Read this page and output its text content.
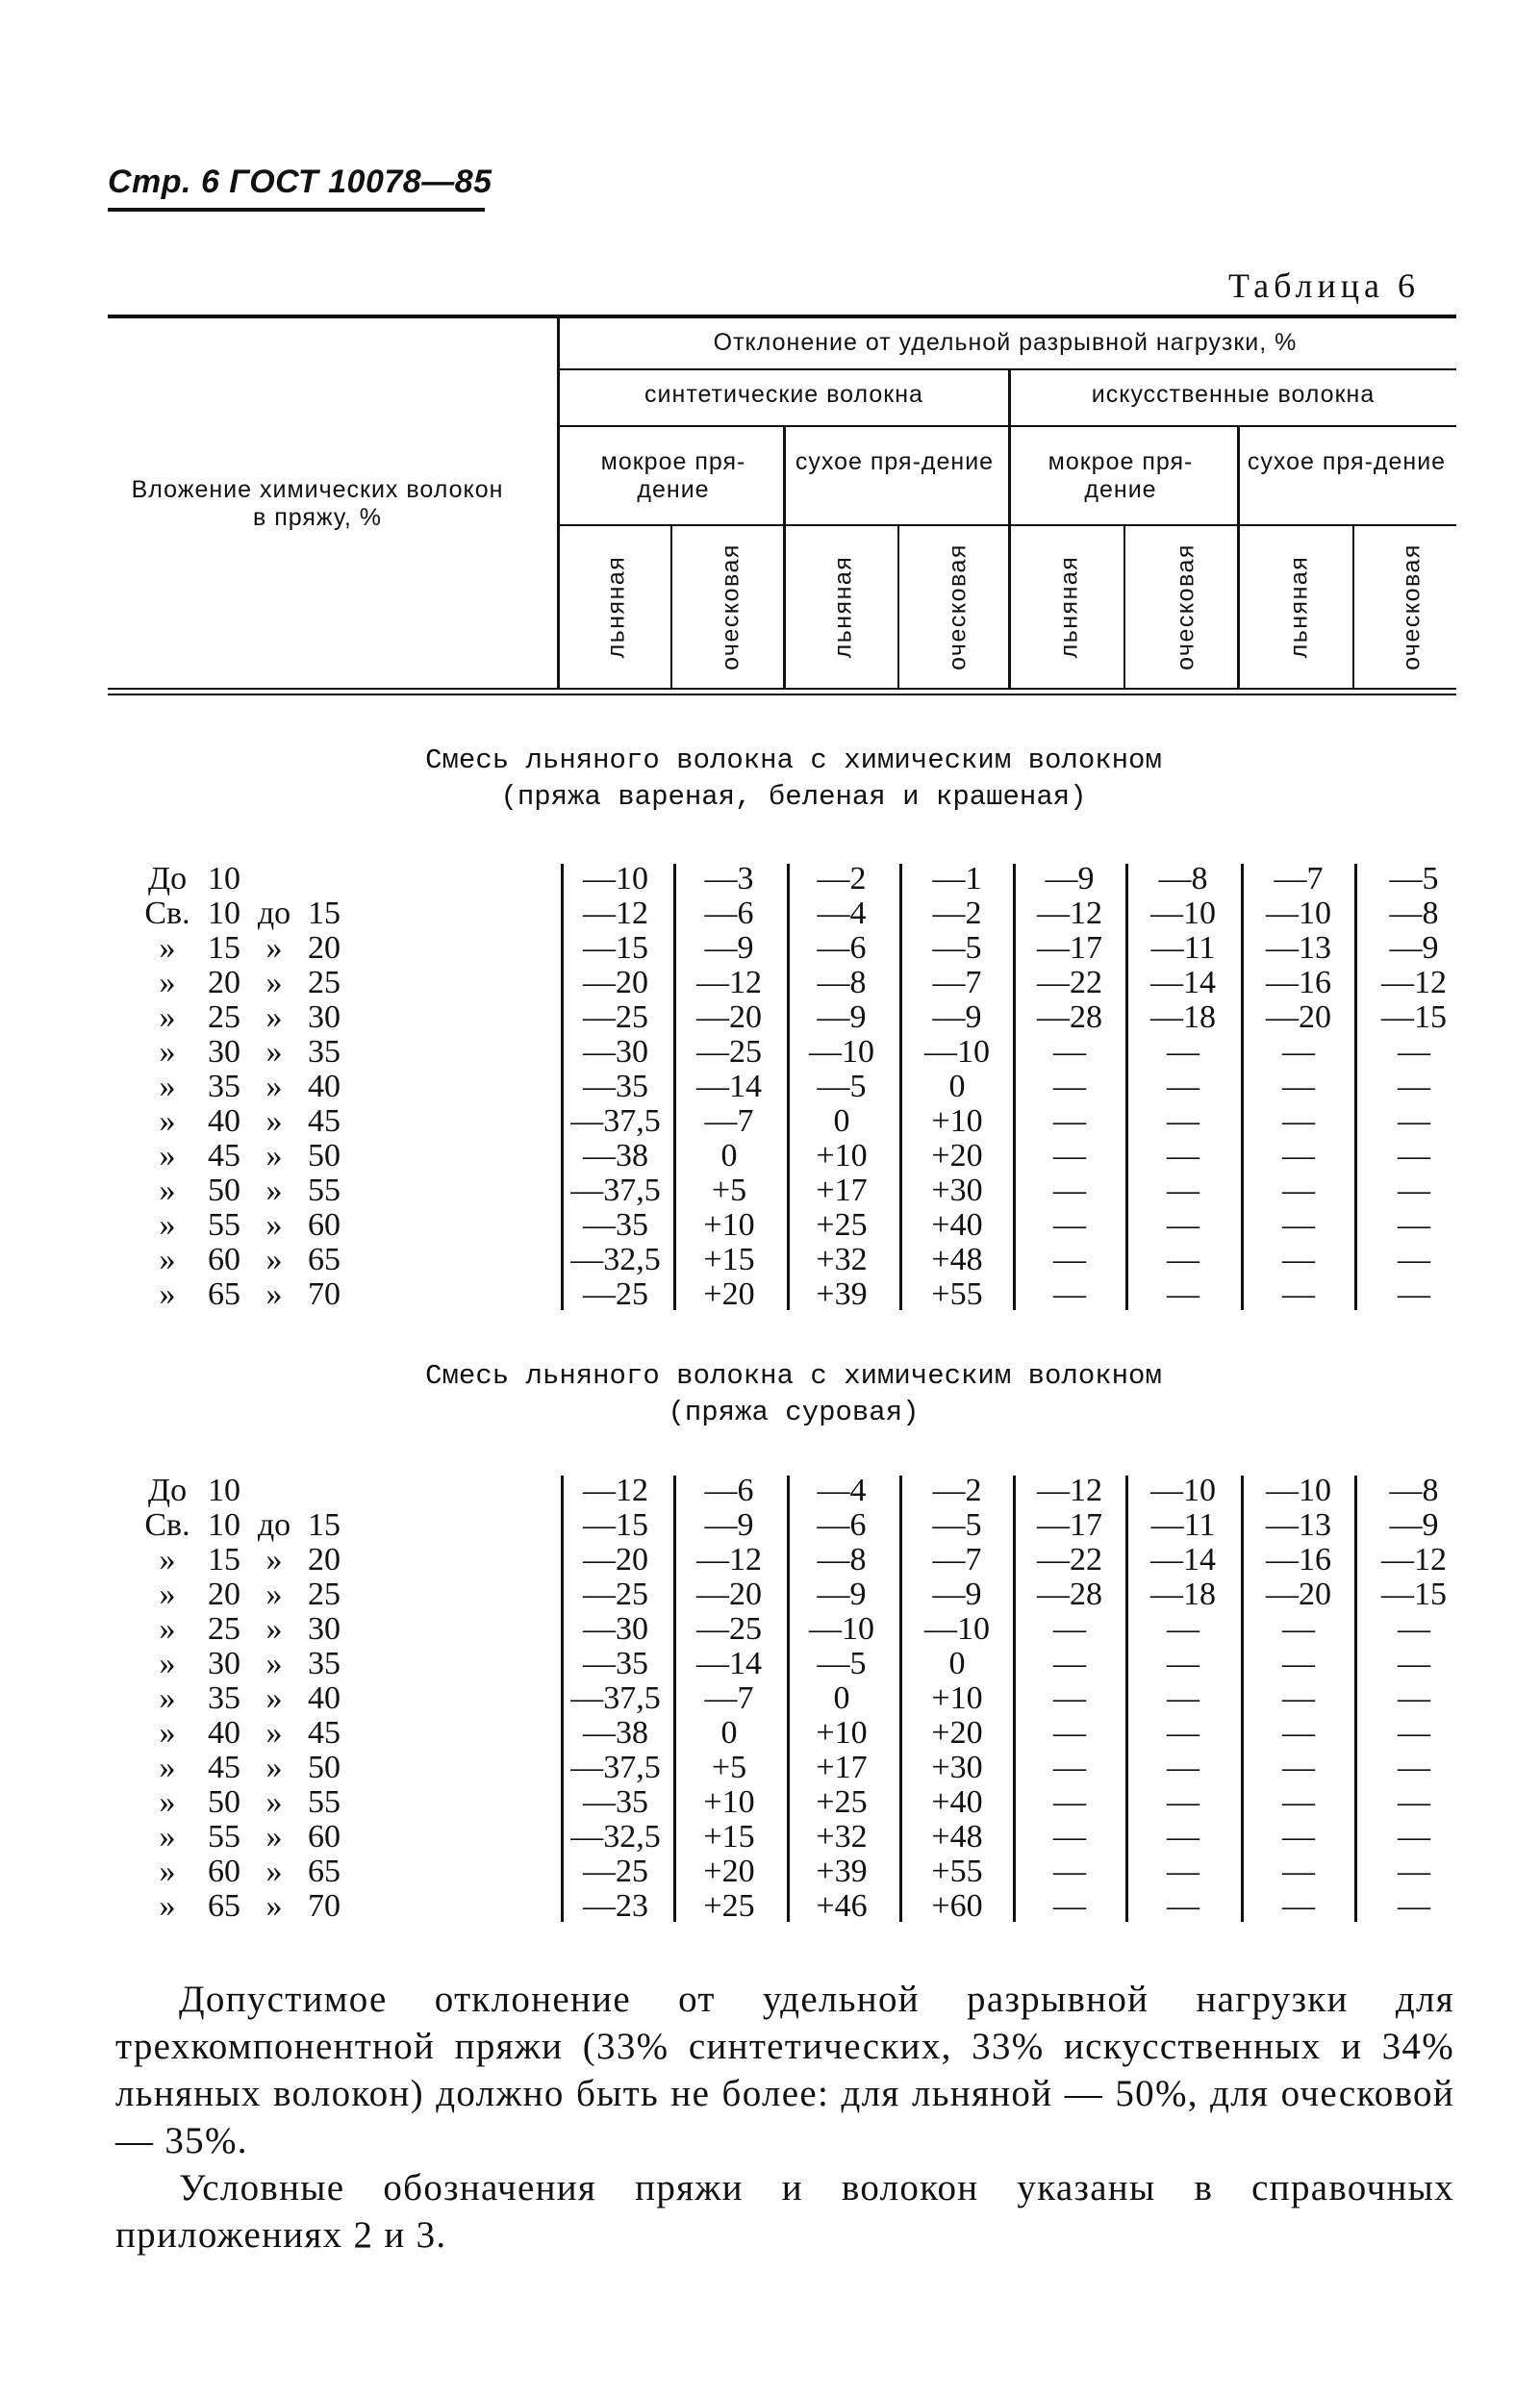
Стр. 6 ГОСТ 10078—85
Таблица 6
Вложение химических волокон в пряжу, %
Отклонение от удельной разрывной нагрузки, %
синтетические волокна	искусственные волокна
мокрое пря-дение
сухое пря-дение	мокрое пря-дение
сухое пря-дение
льняная	оческовая	льняная	оческовая	льняная	оческовая	льняная	оческовая
Смесь льняного волокна с химическим волокном
(пряжа вареная, беленая и крашеная)
До 10	—10	—3	—2	—1	—9	—8	—7	—5
Св. 10 до 15	—12	—6	—4	—2	—12	—10	—10	—8
» 15 » 20	—15	—9	—6	—5	—17	—11	—13	—9
» 20 » 25	—20	—12	—8	—7	—22	—14	—16	—12
» 25 » 30	—25	—20	—9	—9	—28	—18	—20	—15
» 30 » 35	—30	—25	—10	—10	—	—	—	—
» 35 » 40	—35	—14	—5	0	—	—	—	—
» 40 » 45	—37,5	—7	0	+10	—	—	—	—
» 45 » 50	—38	0	+10	+20	—	—	—	—
» 50 » 55	—37,5	+5	+17	+30	—	—	—	—
» 55 » 60	—35	+10	+25	+40	—	—	—	—
» 60 » 65	—32,5	+15	+32	+48	—	—	—	—
» 65 » 70	—25	+20	+39	+55	—	—	—	—
Смесь льняного волокна с химическим волокном
(пряжа суровая)
До 10	—12	—6	—4	—2	—12	—10	—10	—8
Св. 10 до 15	—15	—9	—6	—5	—17	—11	—13	—9
» 15 » 20	—20	—12	—8	—7	—22	—14	—16	—12
» 20 » 25	—25	—20	—9	—9	—28	—18	—20	—15
» 25 » 30	—30	—25	—10	—10	—	—	—	—
» 30 » 35	—35	—14	—5	0	—	—	—	—
» 35 » 40	—37,5	—7	0	+10	—	—	—	—
» 40 » 45	—38	0	+10	+20	—	—	—	—
» 45 » 50	—37,5	+5	+17	+30	—	—	—	—
» 50 » 55	—35	+10	+25	+40	—	—	—	—
» 55 » 60	—32,5	+15	+32	+48	—	—	—	—
» 60 » 65	—25	+20	+39	+55	—	—	—	—
» 65 » 70	—23	+25	+46	+60	—	—	—	—
Допустимое отклонение от удельной разрывной нагрузки для трехкомпонентной пряжи (33% синтетических, 33% искусственных и 34% льняных волокон) должно быть не более: для льняной — 50%, для оческовой — 35%.
Условные обозначения пряжи и волокон указаны в справочных приложениях 2 и 3.
